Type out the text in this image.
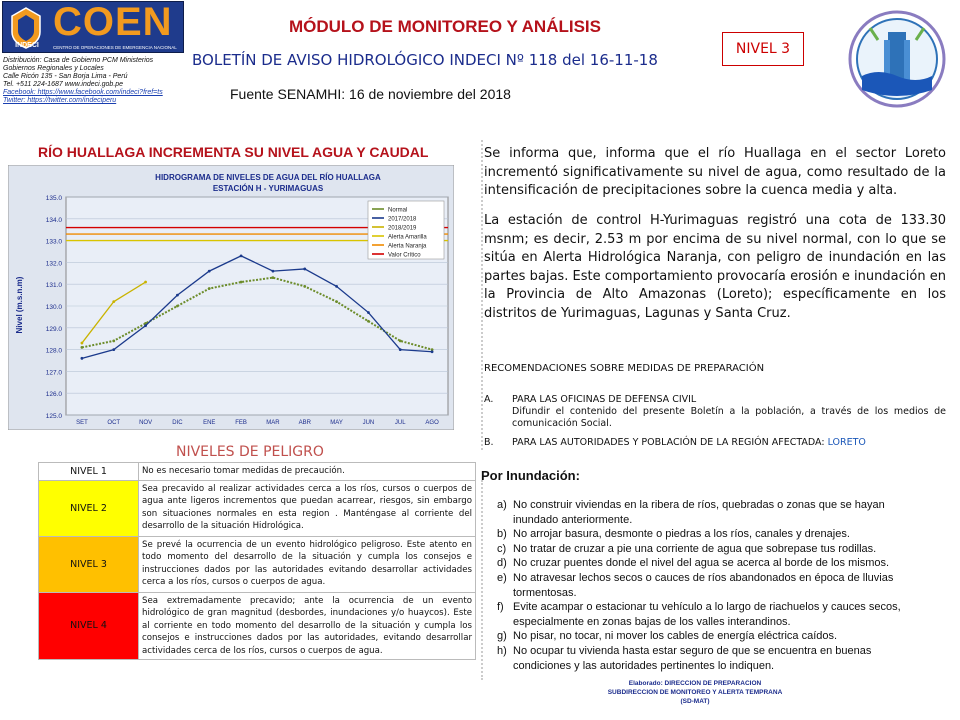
INDECI
COEN
CENTRO DE OPERACIONES DE EMERGENCIA NACIONAL
Distribución: Casa de Gobierno PCM Ministerios
Gobiernos Regionales y Locales
Calle Ricón 135 - San Borja Lima - Perú
Tel. +511 224-1687 www.indeci.gob.pe
Facebook: https://www.facebook.com/indeci?fref=ts
Twitter: https://twitter.com/indeciperu
MÓDULO DE MONITOREO Y ANÁLISIS
BOLETÍN DE AVISO HIDROLÓGICO INDECI Nº 118 del 16-11-18
Fuente SENAMHI: 16 de noviembre del 2018
NIVEL 3
RÍO HUALLAGA INCREMENTA SU NIVEL AGUA Y CAUDAL
HIDROGRAMA DE NIVELES DE AGUA DEL RÍO HUALLAGA
ESTACIÓN H - YURIMAGUAS
Nivel (m.s.n.m)
135.0
134.0
133.0
132.0
131.0
130.0
129.0
128.0
127.0
126.0
125.0
SET	OCT	NOV	DIC	ENE	FEB	MAR	ABR	MAY	JUN	JUL	AGO
Normal
2017/2018
2018/2019
Alerta Amarilla
Alerta Naranja
Valor Crítico

Se informa que, informa que el río Huallaga en el sector Loreto incrementó significativamente su nivel de agua, como resultado de la intensificación de precipitaciones sobre la cuenca media y alta.

La estación de control H-Yurimaguas registró una cota de 133.30 msnm; es decir, 2.53 m por encima de su nivel normal, con lo que se sitúa en Alerta Hidrológica Naranja, con peligro de inundación en las partes bajas. Este comportamiento provocaría erosión e inundación en la Provincia de Alto Amazonas (Loreto); específicamente en los distritos de Yurimaguas, Lagunas y Santa Cruz.

RECOMENDACIONES SOBRE MEDIDAS DE PREPARACIÓN
A. PARA LAS OFICINAS DE DEFENSA CIVIL
Difundir el contenido del presente Boletín a la población, a través de los medios de comunicación Social.
B. PARA LAS AUTORIDADES Y POBLACIÓN DE LA REGIÓN AFECTADA: LORETO
Por Inundación:
a) No construir viviendas en la ribera de ríos, quebradas o zonas que se hayan
inundado anteriormente.
b) No arrojar basura, desmonte o piedras a los ríos, canales y drenajes.
c) No tratar de cruzar a pie una corriente de agua que sobrepase tus rodillas.
d) No cruzar puentes donde el nivel del agua se acerca al borde de los mismos.
e) No atravesar lechos secos o cauces de ríos abandonados en época de lluvias
tormentosas.
f) Evite acampar o estacionar tu vehículo a lo largo de riachuelos y cauces secos,
especialmente en zonas bajas de los valles interandinos.
g) No pisar, no tocar, ni mover los cables de energía eléctrica caídos.
h) No ocupar tu vivienda hasta estar seguro de que se encuentra en buenas
condiciones y las autoridades pertinentes lo indiquen.
Elaborado: DIRECCION DE PREPARACION
SUBDIRECCION DE MONITOREO Y ALERTA TEMPRANA
(SD-MAT)
NIVELES DE PELIGRO
NIVEL 1	No es necesario tomar medidas de precaución.
NIVEL 2	Sea precavido al realizar actividades cerca a los ríos, cursos o cuerpos de agua ante ligeros incrementos que puedan acarrear, riesgos, sin embargo son situaciones normales en esta region . Manténgase al corriente del desarrollo de la situación Hidrológica.
NIVEL 3	Se prevé la ocurrencia de un evento hidrológico peligroso. Este atento en todo momento del desarrollo de la situación y cumpla los consejos e instrucciones dados por las autoridades evitando desarrollar actividades cerca a los ríos, cursos o cuerpos de agua.
NIVEL 4	Sea extremadamente precavido; ante la ocurrencia de un evento hidrológico de gran magnitud (desbordes, inundaciones y/o huaycos). Este al corriente en todo momento del desarrollo de la situación y cumpla los consejos e instrucciones dados por las autoridades, evitando desarrollar actividades cerca de los ríos, cursos o cuerpos de agua.
